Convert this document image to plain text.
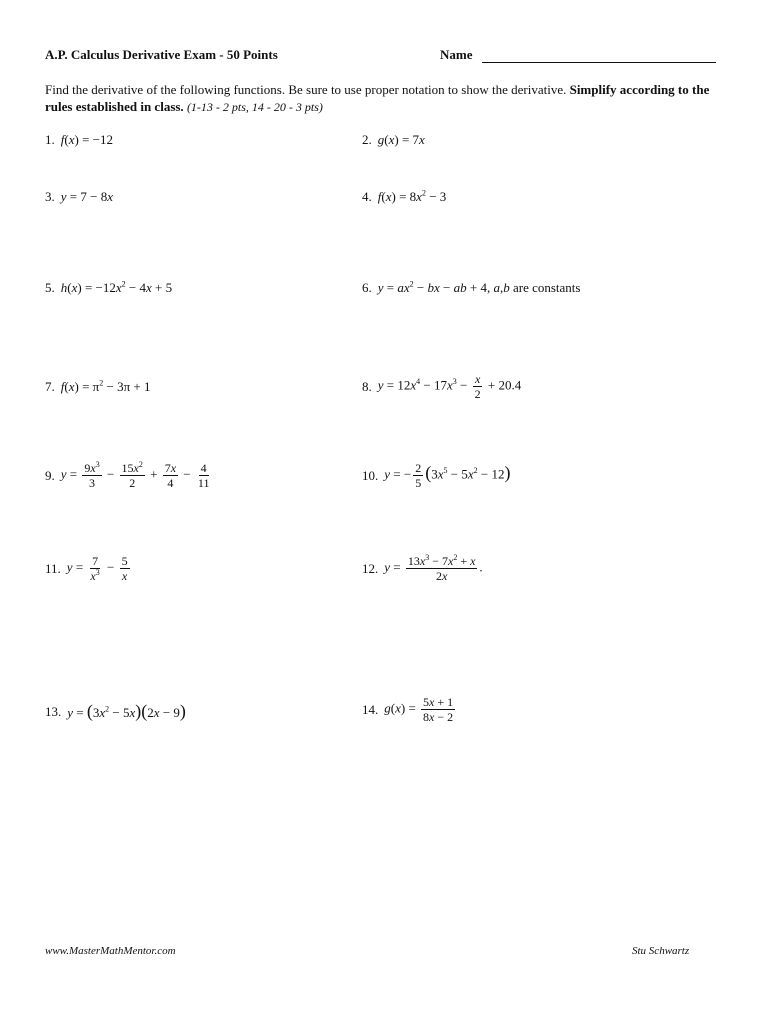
A.P. Calculus Derivative Exam - 50 Points	Name
Find the derivative of the following functions. Be sure to use proper notation to show the derivative. Simplify according to the rules established in class. (1-13 - 2 pts, 14 - 20 - 3 pts)
1. f(x) = −12	2. g(x) = 7x
3. y = 7 − 8x	4. $f(x) = 8x^2 - 3$
5. $h(x) = -12x^2 - 4x + 5$	6. $y = ax^2$ − bx − ab + 4, a,b are constants
7. $f(x) = \pi^2 - 3\pi + 1$	8. $y = 12x^4 - 17x^3 - \frac{x}{2} + 20.4$
9. $y = \frac{9x^3}{3} - \frac{15x^2}{2} + \frac{7x}{4} - \frac{4}{11}$	10. y = − $\frac{2}{5} (3x^5 - 5x^2 - 12)$
11. $y = \frac{7}{x^3} - \frac{5}{x}$	12. $y = \frac{13x^3 - 7x^2 + x}{2x}$ .
13. $y = (3x^2 - 5x)(2x - 9)$	14. $g(x) = \frac{5x + 1}{8x - 2}$
www.MasterMathMentor.com	Stu Schwartz
